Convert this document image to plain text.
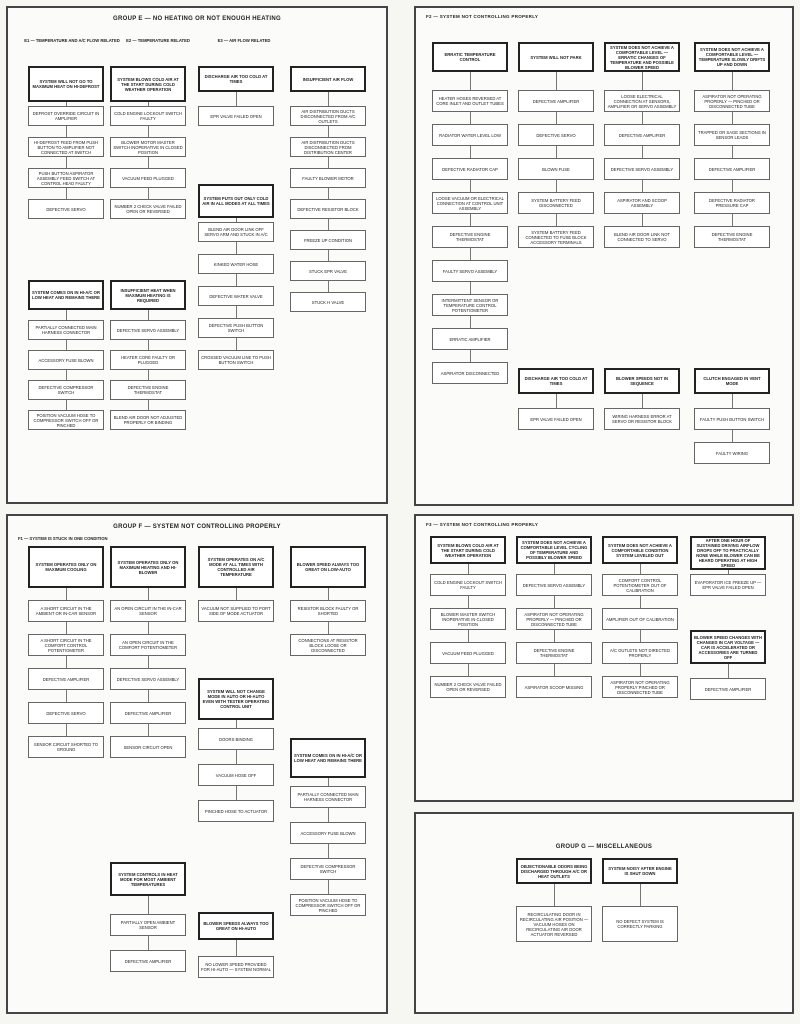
GROUP E — NO HEATING OR NOT ENOUGH HEATING
E1 — TEMPERATURE AND A/C FLOW RELATED	E2 — TEMPERATURE RELATED	E3 — AIR FLOW RELATED
SYSTEM WILL NOT GO TO MAXIMUM HEAT ON HI-DEFROST
DEFROST OVERRIDE CIRCUIT IN AMPLIFIER
HI-DEFROST FEED FROM PUSH BUTTON TO AMPLIFIER NOT CONNECTED AT SWITCH
PUSH BUTTON ASPIRATOR ASSEMBLY FEED SWITCH AT CONTROL HEAD FAULTY
DEFECTIVE SERVO
SYSTEM BLOWS COLD AIR AT THE START DURING COLD WEATHER OPERATION
COLD ENGINE LOCKOUT SWITCH FAULTY
BLOWER MOTOR MASTER SWITCH INOPERATIVE IN CLOSED POSITION
VACUUM FEED PLUGGED
NUMBER 2 CHECK VALVE FAILED OPEN OR REVERSED
DISCHARGE AIR TOO COLD AT TIMES
EPR VALVE FAILED OPEN
INSUFFICIENT AIR FLOW
AIR DISTRIBUTION DUCTS DISCONNECTED FROM A/C OUTLETS
AIR DISTRIBUTION DUCTS DISCONNECTED FROM DISTRIBUTION CENTER
FAULTY BLOWER MOTOR
DEFECTIVE RESISTOR BLOCK
FREEZE UP CONDITION
STUCK EPR VALVE
STUCK H VALVE
SYSTEM PUTS OUT ONLY COLD AIR IN ALL MODES AT ALL TIMES
BLEND AIR DOOR LINK OFF SERVO ARM AND STUCK IN A/C
KINKED WATER HOSE
DEFECTIVE WATER VALVE
DEFECTIVE PUSH BUTTON SWITCH
CROSSED VACUUM LINE TO PUSH BUTTON SWITCH
SYSTEM COMES ON IN HI-A/C OR LOW HEAT AND REMAINS THERE
PARTIALLY CONNECTED MAIN HARNESS CONNECTOR
ACCESSORY FUSE BLOWN
DEFECTIVE COMPRESSOR SWITCH
POSITION VACUUM HOSE TO COMPRESSOR SWITCH OFF OR PINCHED
INSUFFICIENT HEAT WHEN MAXIMUM HEATING IS REQUIRED
DEFECTIVE SERVO ASSEMBLY
HEATER CORE FAULTY OR PLUGGED
DEFECTIVE ENGINE THERMOSTAT
BLEND AIR DOOR NOT ADJUSTED PROPERLY OR BINDING
F2 — SYSTEM NOT CONTROLLING PROPERLY
ERRATIC TEMPERATURE CONTROL
HEATER HOSES REVERSED AT CORE INLET AND OUTLET TUBES
RADIATOR WATER LEVEL LOW
DEFECTIVE RADIATOR CAP
LOOSE VACUUM OR ELECTRICAL CONNECTION AT CONTROL UNIT ASSEMBLY
DEFECTIVE ENGINE THERMOSTAT
FAULTY SERVO ASSEMBLY
INTERMITTENT SENSOR OR TEMPERATURE CONTROL POTENTIOMETER
ERRATIC AMPLIFIER
ASPIRATOR DISCONNECTED
SYSTEM WILL NOT PARK
DEFECTIVE AMPLIFIER
DEFECTIVE SERVO
BLOWN FUSE
SYSTEM BATTERY FEED DISCONNECTED
SYSTEM BATTERY FEED CONNECTED TO FUSE BLOCK ACCESSORY TERMINALS
SYSTEM DOES NOT ACHIEVE A COMFORTABLE LEVEL — ERRATIC CHANGES OF TEMPERATURE AND POSSIBLE BLOWER SPEED
LOOSE ELECTRICAL CONNECTION AT SENSORS, AMPLIFIER OR SERVO ASSEMBLY
DEFECTIVE AMPLIFIER
DEFECTIVE SERVO ASSEMBLY
ASPIRATOR AND SCOOP ASSEMBLY
BLEND AIR DOOR LINK NOT CONNECTED TO SERVO
SYSTEM DOES NOT ACHIEVE A COMFORTABLE LEVEL — TEMPERATURE SLOWLY DRIFTS UP AND DOWN
ASPIRATOR NOT OPERATING PROPERLY — PINCHED OR DISCONNECTED TUBE
TRAPPED OR SAGE SECTIONS IN SENSOR LEADS
DEFECTIVE AMPLIFIER
DEFECTIVE RADIATOR PRESSURE CAP
DEFECTIVE ENGINE THERMOSTAT
DISCHARGE AIR TOO COLD AT TIMES
EPR VALVE FAILED OPEN
BLOWER SPEEDS NOT IN SEQUENCE
WIRING HARNESS ERROR AT SERVO OR RESISTOR BLOCK
CLUTCH ENGAGED IN VENT MODE
FAULTY PUSH BUTTON SWITCH
FAULTY WIRING
GROUP F — SYSTEM NOT CONTROLLING PROPERLY
F1 — SYSTEM IS STUCK IN ONE CONDITION
SYSTEM OPERATES ONLY ON MAXIMUM COOLING
A SHORT CIRCUIT IN THE AMBIENT OR IN-CAR SENSOR
A SHORT CIRCUIT IN THE COMFORT CONTROL POTENTIOMETER
DEFECTIVE AMPLIFIER
DEFECTIVE SERVO
SENSOR CIRCUIT SHORTED TO GROUND
SYSTEM OPERATES ONLY ON MAXIMUM HEATING AND HI-BLOWER
AN OPEN CIRCUIT IN THE IN-CAR SENSOR
AN OPEN CIRCUIT IN THE COMFORT POTENTIOMETER
DEFECTIVE SERVO ASSEMBLY
DEFECTIVE AMPLIFIER
SENSOR CIRCUIT OPEN
SYSTEM OPERATES ON A/C MODE AT ALL TIMES WITH CONTROLLED AIR TEMPERATURE
VACUUM NOT SUPPLIED TO PORT SIDE OF MODE ACTUATOR
BLOWER SPEED ALWAYS TOO GREAT ON LOW-AUTO
RESISTOR BLOCK FAULTY OR SHORTED
CONNECTIONS AT RESISTOR BLOCK LOOSE OR DISCONNECTED
SYSTEM WILL NOT CHANGE MODE IN AUTO OR HI-AUTO EVEN WITH TESTER OPERATING CONTROL UNIT
DOORS BINDING
VACUUM HOSE OFF
PINCHED HOSE TO ACTUATOR
SYSTEM COMES ON IN HI-A/C OR LOW HEAT AND REMAINS THERE
PARTIALLY CONNECTED MAIN HARNESS CONNECTOR
ACCESSORY FUSE BLOWN
DEFECTIVE COMPRESSOR SWITCH
POSITION VACUUM HOSE TO COMPRESSOR SWITCH OFF OR PINCHED
SYSTEM CONTROLS IN HEAT MODE FOR MOST AMBIENT TEMPERATURES
PARTIALLY OPEN AMBIENT SENSOR
DEFECTIVE AMPLIFIER
BLOWER SPEEDS ALWAYS TOO GREAT ON HI-AUTO
NO LOWER SPEED PROVIDED FOR HI-AUTO — SYSTEM NORMAL
F3 — SYSTEM NOT CONTROLLING PROPERLY
SYSTEM BLOWS COLD AIR AT THE START DURING COLD WEATHER OPERATION
COLD ENGINE LOCKOUT SWITCH FAULTY
BLOWER MASTER SWITCH INOPERATIVE IN CLOSED POSITION
VACUUM FEED PLUGGED
NUMBER 2 CHECK VALVE FAILED OPEN OR REVERSED
SYSTEM DOES NOT ACHIEVE A COMFORTABLE LEVEL CYCLING OF TEMPERATURE AND POSSIBLY BLOWER SPEED
DEFECTIVE SERVO ASSEMBLY
ASPIRATOR NOT OPERATING PROPERLY — PINCHED OR DISCONNECTED TUBE
DEFECTIVE ENGINE THERMOSTAT
ASPIRATOR SCOOP MISSING
SYSTEM DOES NOT ACHIEVE A COMFORTABLE CONDITION SYSTEM LEVELED OUT
COMFORT CONTROL POTENTIOMETER OUT OF CALIBRATION
AMPLIFIER OUT OF CALIBRATION
A/C OUTLETS NOT DIRECTED PROPERLY
ASPIRATOR NOT OPERATING PROPERLY PINCHED OR DISCONNECTED TUBE
AFTER ONE HOUR OF SUSTAINED DRIVING AIRFLOW DROPS OFF TO PRACTICALLY NONE WHILE BLOWER CAN BE HEARD OPERATING AT HIGH SPEED
EVAPORATOR ICE FREEZE UP — EPR VALVE FAILED OPEN
BLOWER SPEED CHANGES WITH CHANGES IN CAR VOLTAGE — CAR IS ACCELERATED OR ACCESSORIES ARE TURNED OFF
DEFECTIVE AMPLIFIER
GROUP G — MISCELLANEOUS
OBJECTIONABLE ODORS BEING DISCHARGED THROUGH A/C OR HEAT OUTLETS
RECIRCULATING DOOR IN RECIRCULATING AIR POSITION — VACUUM HOSES ON RECIRCULATING AIR DOOR ACTUATOR REVERSED
SYSTEM NOISY AFTER ENGINE IS SHUT DOWN
NO DEFECT SYSTEM IS CORRECTLY PARKING
